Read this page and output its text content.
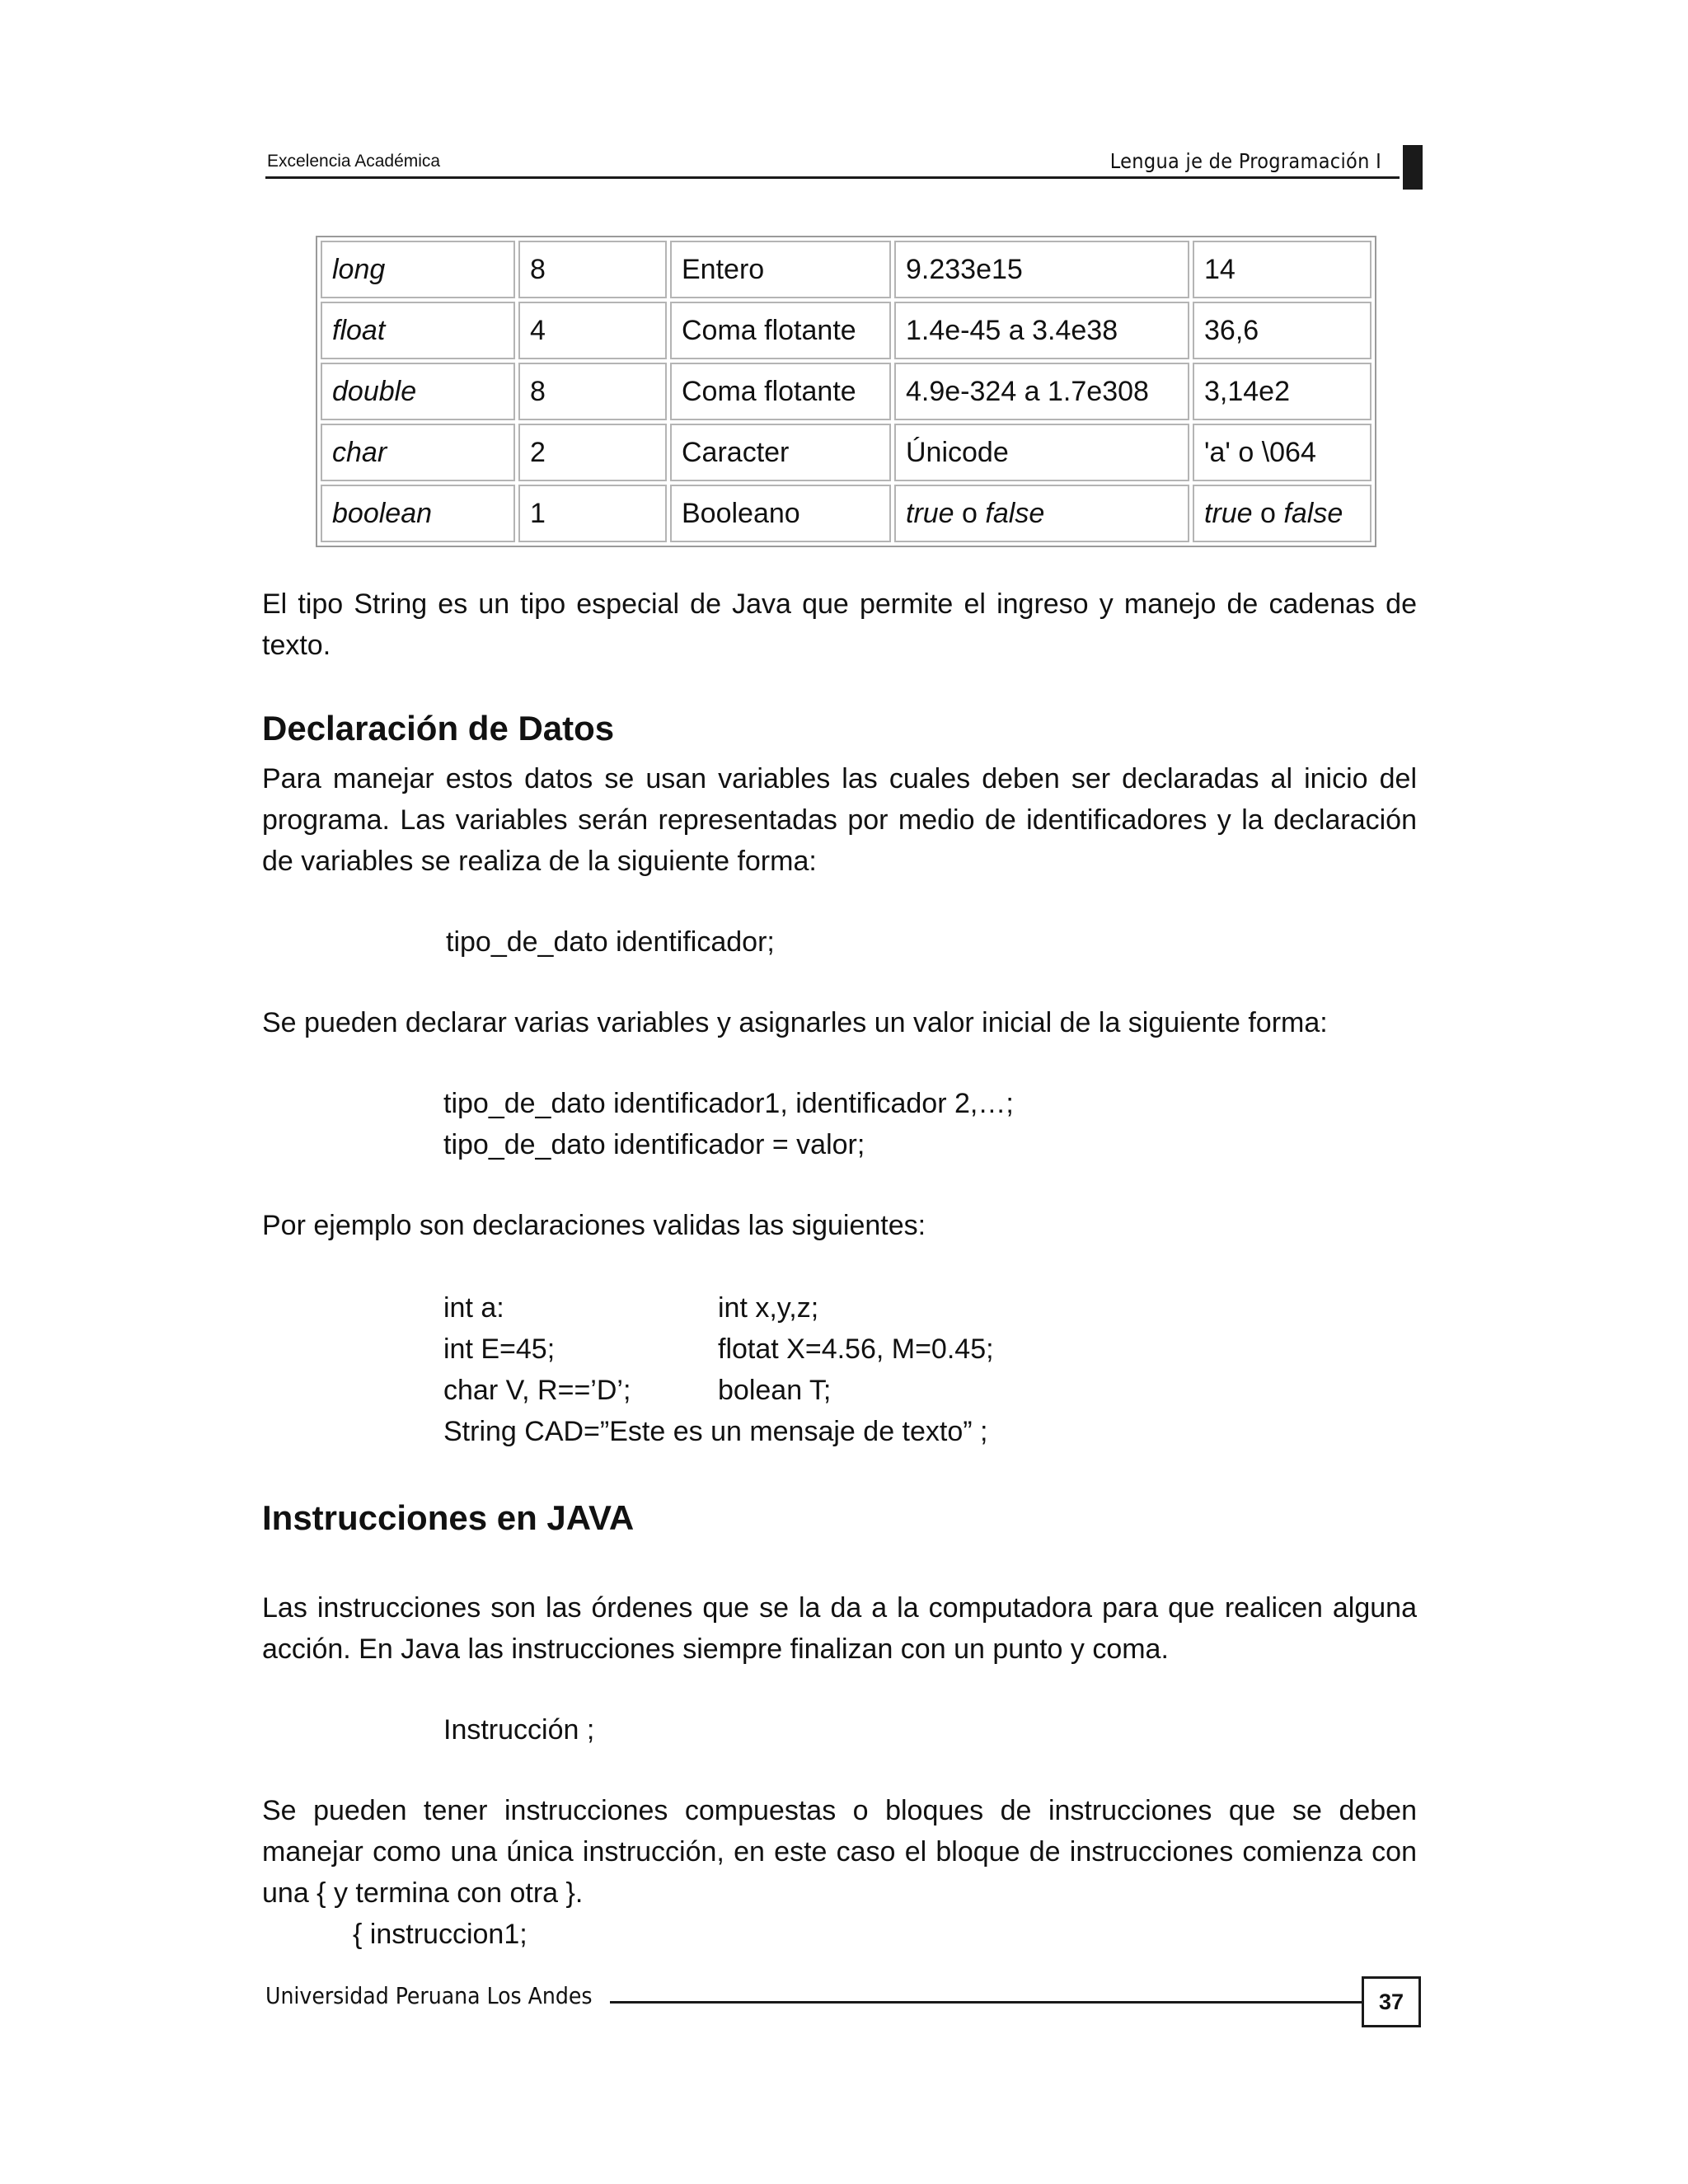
Excelencia Académica	Lengua je de Programación I
long	8	Entero	9.233e15	14
float	4	Coma flotante	1.4e-45 a 3.4e38	36,6
double	8	Coma flotante	4.9e-324 a 1.7e308	3,14e2
char	2	Caracter	Únicode	'a' o \064
boolean	1	Booleano	true o false	true o false
El tipo String es un tipo especial de Java que permite el ingreso y manejo de cadenas de texto.
Declaración de Datos
Para manejar estos datos se usan variables las cuales deben ser declaradas al inicio del programa. Las variables serán representadas por medio de identificadores y la declaración de variables se realiza de la siguiente forma:
tipo_de_dato identificador;
Se pueden declarar varias variables y asignarles un valor inicial de la siguiente forma:
tipo_de_dato identificador1, identificador 2,…;
tipo_de_dato identificador = valor;
Por ejemplo son declaraciones validas las siguientes:
int a:	int x,y,z;
int E=45;	flotat X=4.56, M=0.45;
char V, R==’D’;	bolean T;
String CAD=”Este es un mensaje de texto” ;
Instrucciones en JAVA
Las instrucciones son las órdenes que se la da a la computadora para que realicen alguna acción. En Java las instrucciones siempre finalizan con un punto y coma.
Instrucción ;
Se pueden tener instrucciones compuestas o bloques de instrucciones que se deben manejar como una única instrucción, en este caso el bloque de instrucciones comienza con una { y termina con otra }.
{ instruccion1;
Universidad Peruana Los Andes	37
